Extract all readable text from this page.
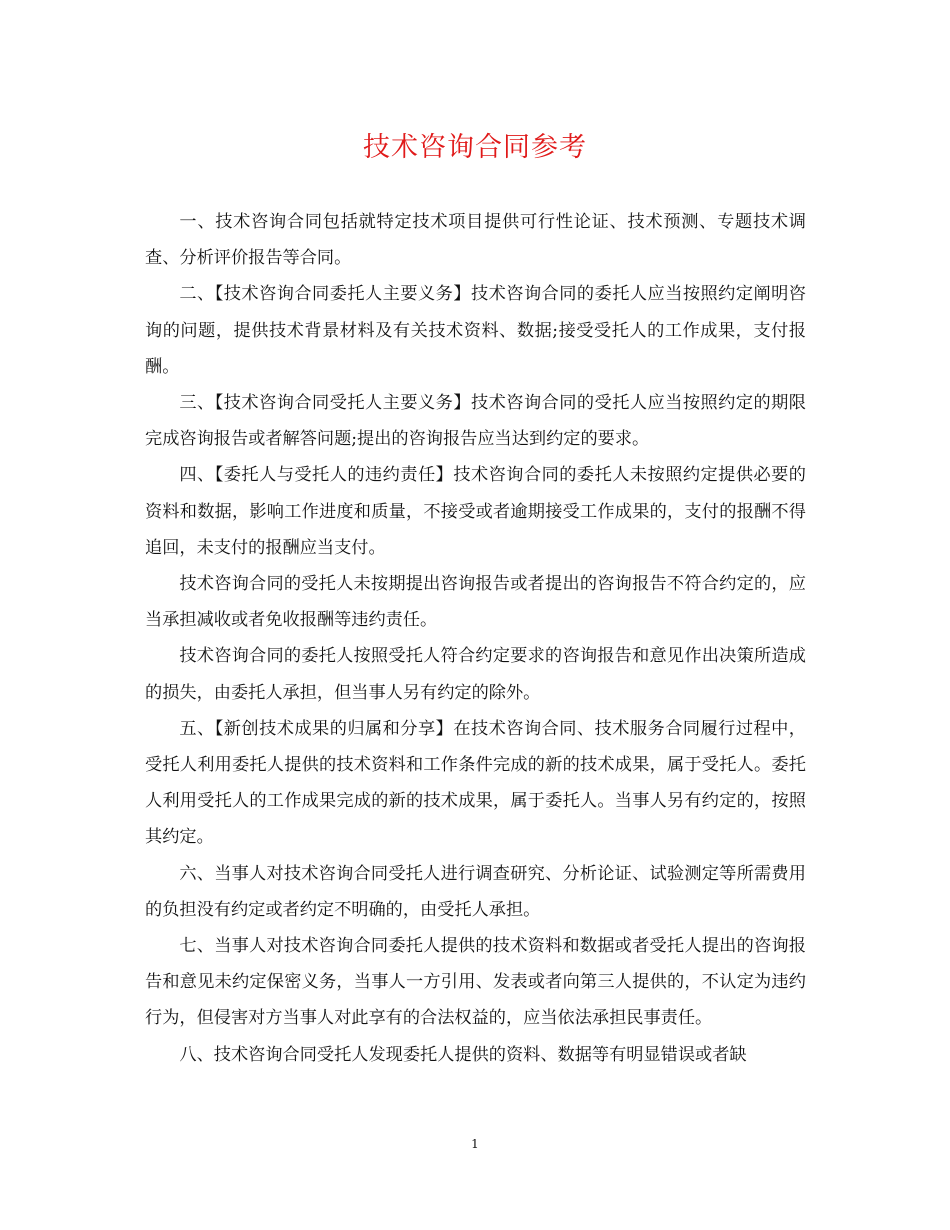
技术咨询合同参考

一、技术咨询合同包括就特定技术项目提供可行性论证、技术预测、专题技术调查、分析评价报告等合同。

二、【技术咨询合同委托人主要义务】技术咨询合同的委托人应当按照约定阐明咨询的问题，提供技术背景材料及有关技术资料、数据;接受受托人的工作成果，支付报酬。

三、【技术咨询合同受托人主要义务】技术咨询合同的受托人应当按照约定的期限完成咨询报告或者解答问题;提出的咨询报告应当达到约定的要求。

四、【委托人与受托人的违约责任】技术咨询合同的委托人未按照约定提供必要的资料和数据，影响工作进度和质量，不接受或者逾期接受工作成果的，支付的报酬不得追回，未支付的报酬应当支付。

技术咨询合同的受托人未按期提出咨询报告或者提出的咨询报告不符合约定的，应当承担减收或者免收报酬等违约责任。

技术咨询合同的委托人按照受托人符合约定要求的咨询报告和意见作出决策所造成的损失，由委托人承担，但当事人另有约定的除外。

五、【新创技术成果的归属和分享】在技术咨询合同、技术服务合同履行过程中，受托人利用委托人提供的技术资料和工作条件完成的新的技术成果，属于受托人。委托人利用受托人的工作成果完成的新的技术成果，属于委托人。当事人另有约定的，按照其约定。

六、当事人对技术咨询合同受托人进行调查研究、分析论证、试验测定等所需费用的负担没有约定或者约定不明确的，由受托人承担。

七、当事人对技术咨询合同委托人提供的技术资料和数据或者受托人提出的咨询报告和意见未约定保密义务，当事人一方引用、发表或者向第三人提供的，不认定为违约行为，但侵害对方当事人对此享有的合法权益的，应当依法承担民事责任。

八、技术咨询合同受托人发现委托人提供的资料、数据等有明显错误或者缺

1
